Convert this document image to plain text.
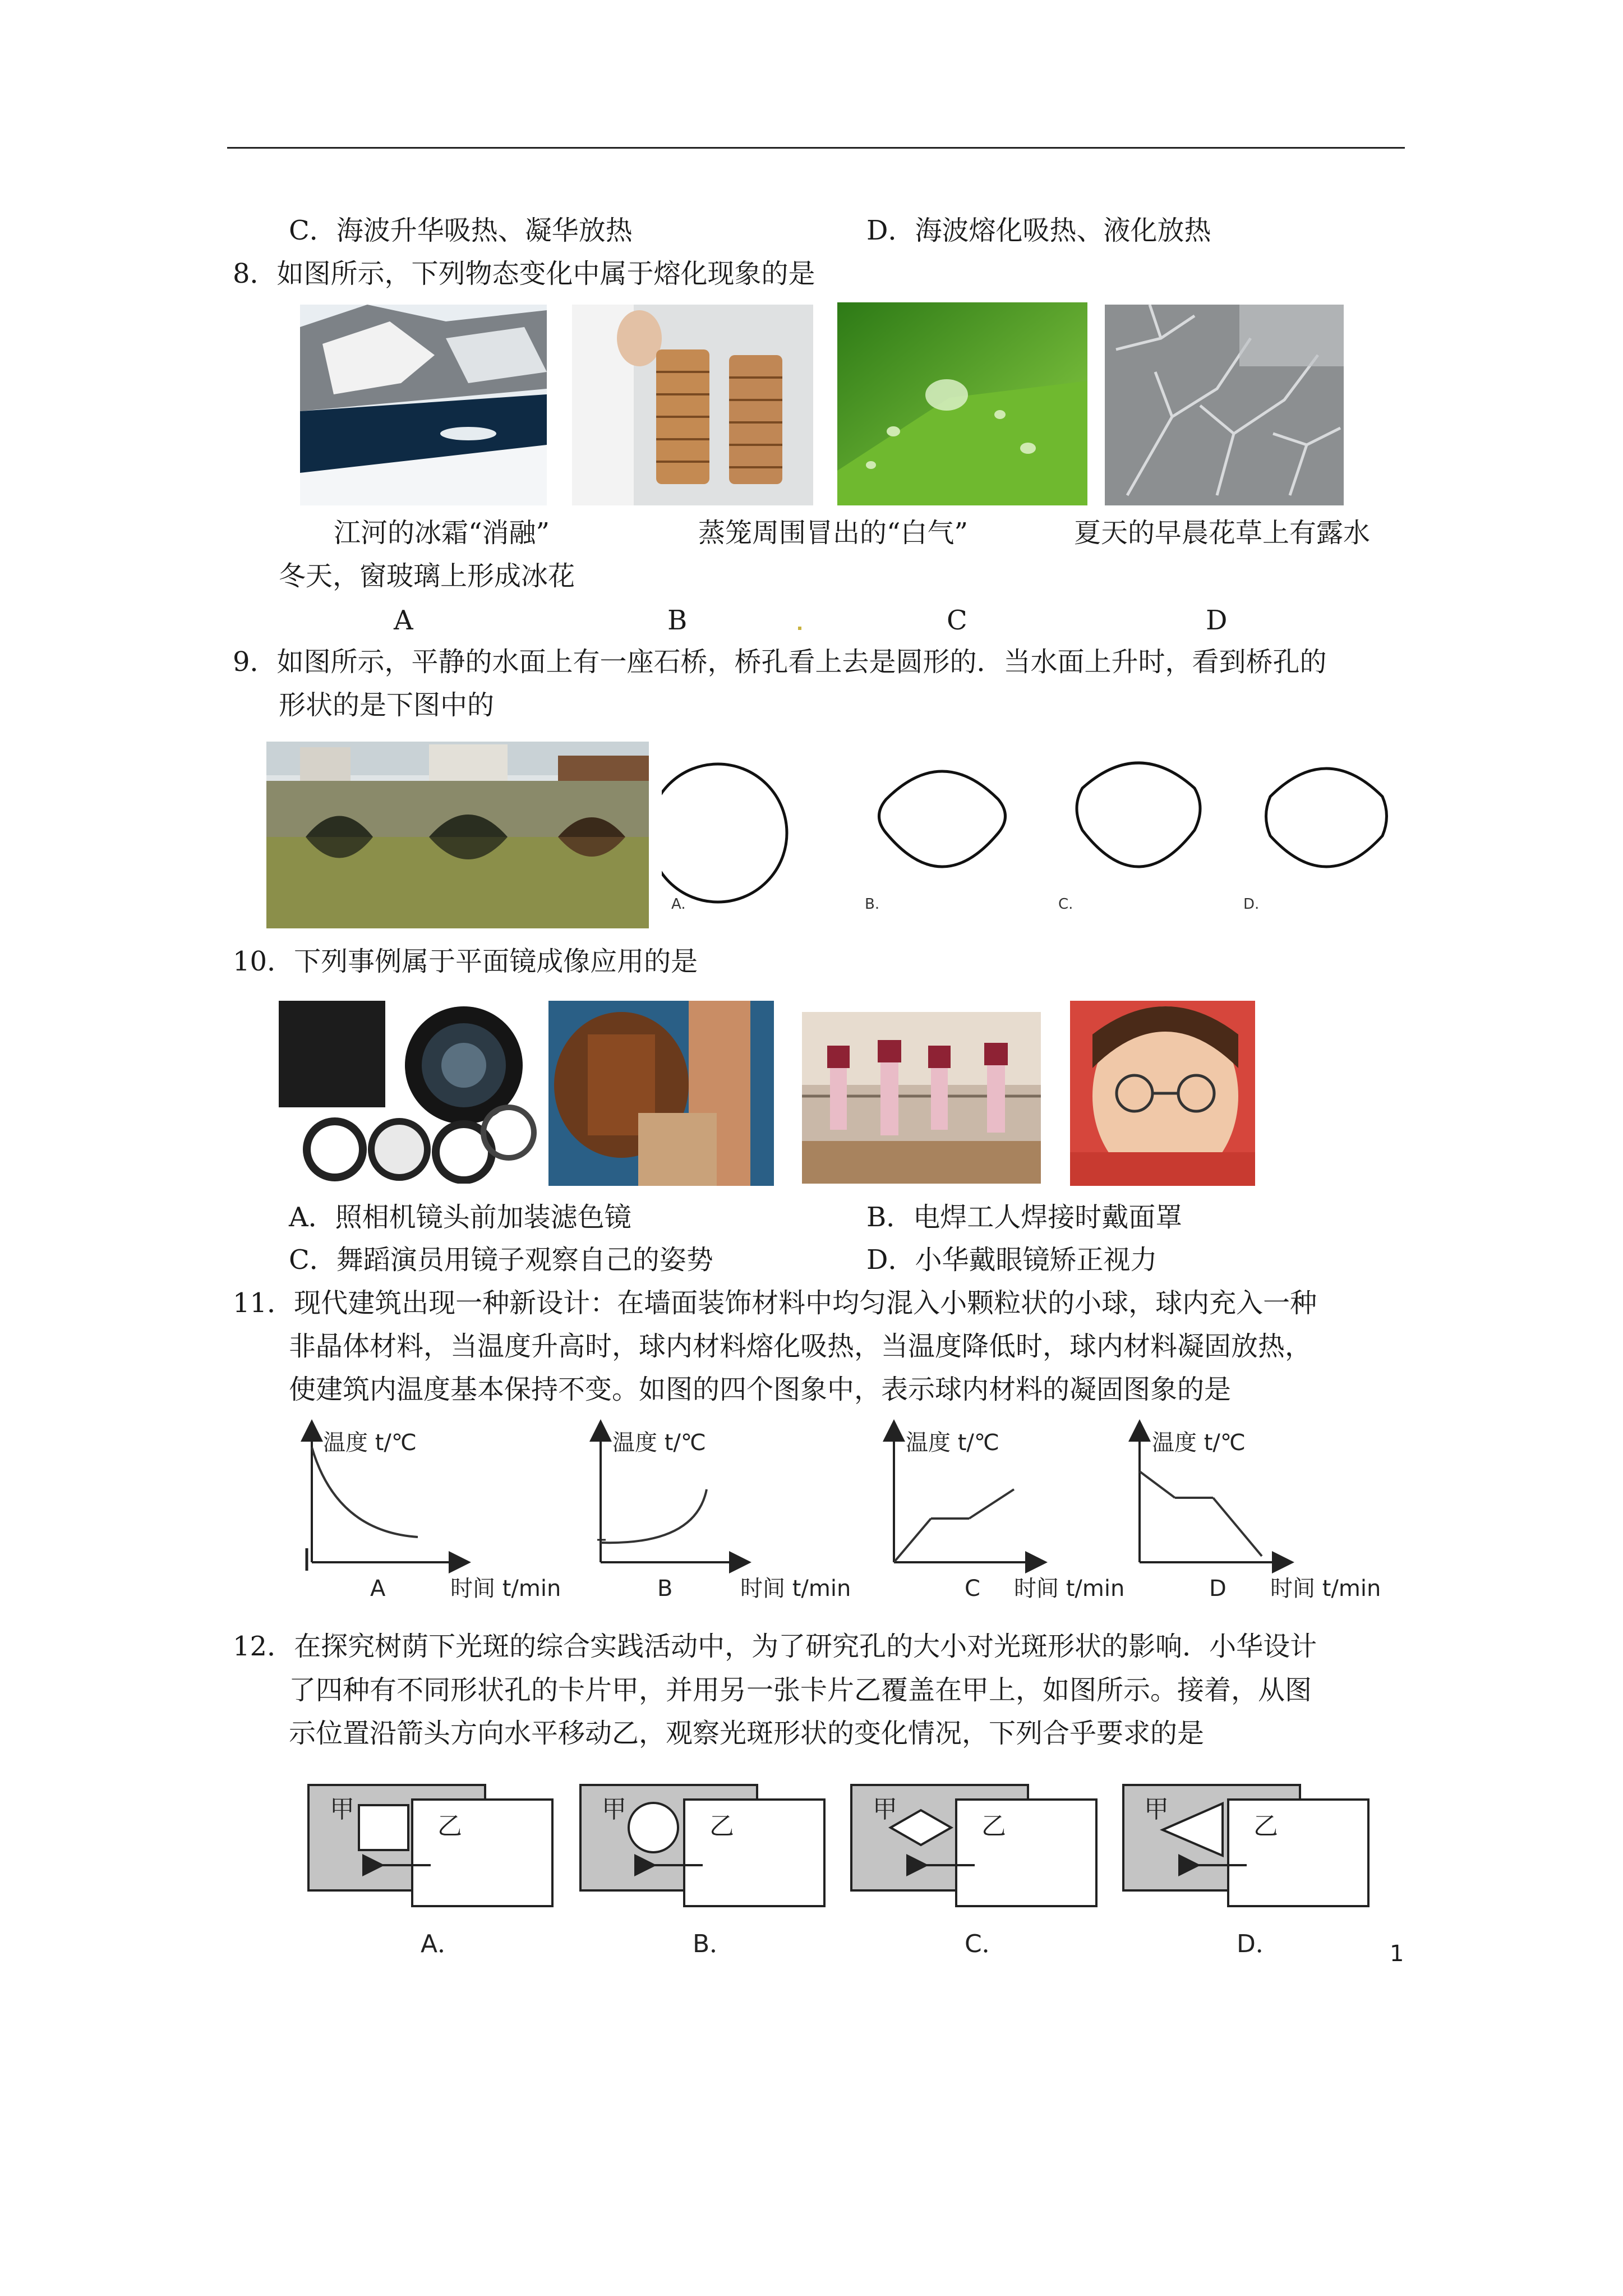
C．海波升华吸热、凝华放热	D．海波熔化吸热、液化放热
8．如图所示，下列物态变化中属于熔化现象的是
江河的冰霜“消融”	蒸笼周围冒出的“白气”	夏天的早晨花草上有露水
冬天，窗玻璃上形成冰花
A	B	C	D
9．如图所示，平静的水面上有一座石桥，桥孔看上去是圆形的．当水面上升时，看到桥孔的
形状的是下图中的
A.	B.	C.	D.
10．下列事例属于平面镜成像应用的是
A．照相机镜头前加装滤色镜	B．电焊工人焊接时戴面罩
C．舞蹈演员用镜子观察自己的姿势	D．小华戴眼镜矫正视力
11．现代建筑出现一种新设计：在墙面装饰材料中均匀混入小颗粒状的小球，球内充入一种
非晶体材料，当温度升高时，球内材料熔化吸热，当温度降低时，球内材料凝固放热，
使建筑内温度基本保持不变。如图的四个图象中，表示球内材料的凝固图象的是
温度 t/℃
A	时间 t/min
温度 t/℃
B	时间 t/min
温度 t/℃
C 时间 t/min
温度 t/℃
D 时间 t/min
12．在探究树荫下光斑的综合实践活动中，为了研究孔的大小对光斑形状的影响．小华设计
了四种有不同形状孔的卡片甲，并用另一张卡片乙覆盖在甲上，如图所示。接着，从图
示位置沿箭头方向水平移动乙，观察光斑形状的变化情况，下列合乎要求的是
甲
乙
A．
甲
乙
B．
甲
乙
C．
甲
乙
D．	1
